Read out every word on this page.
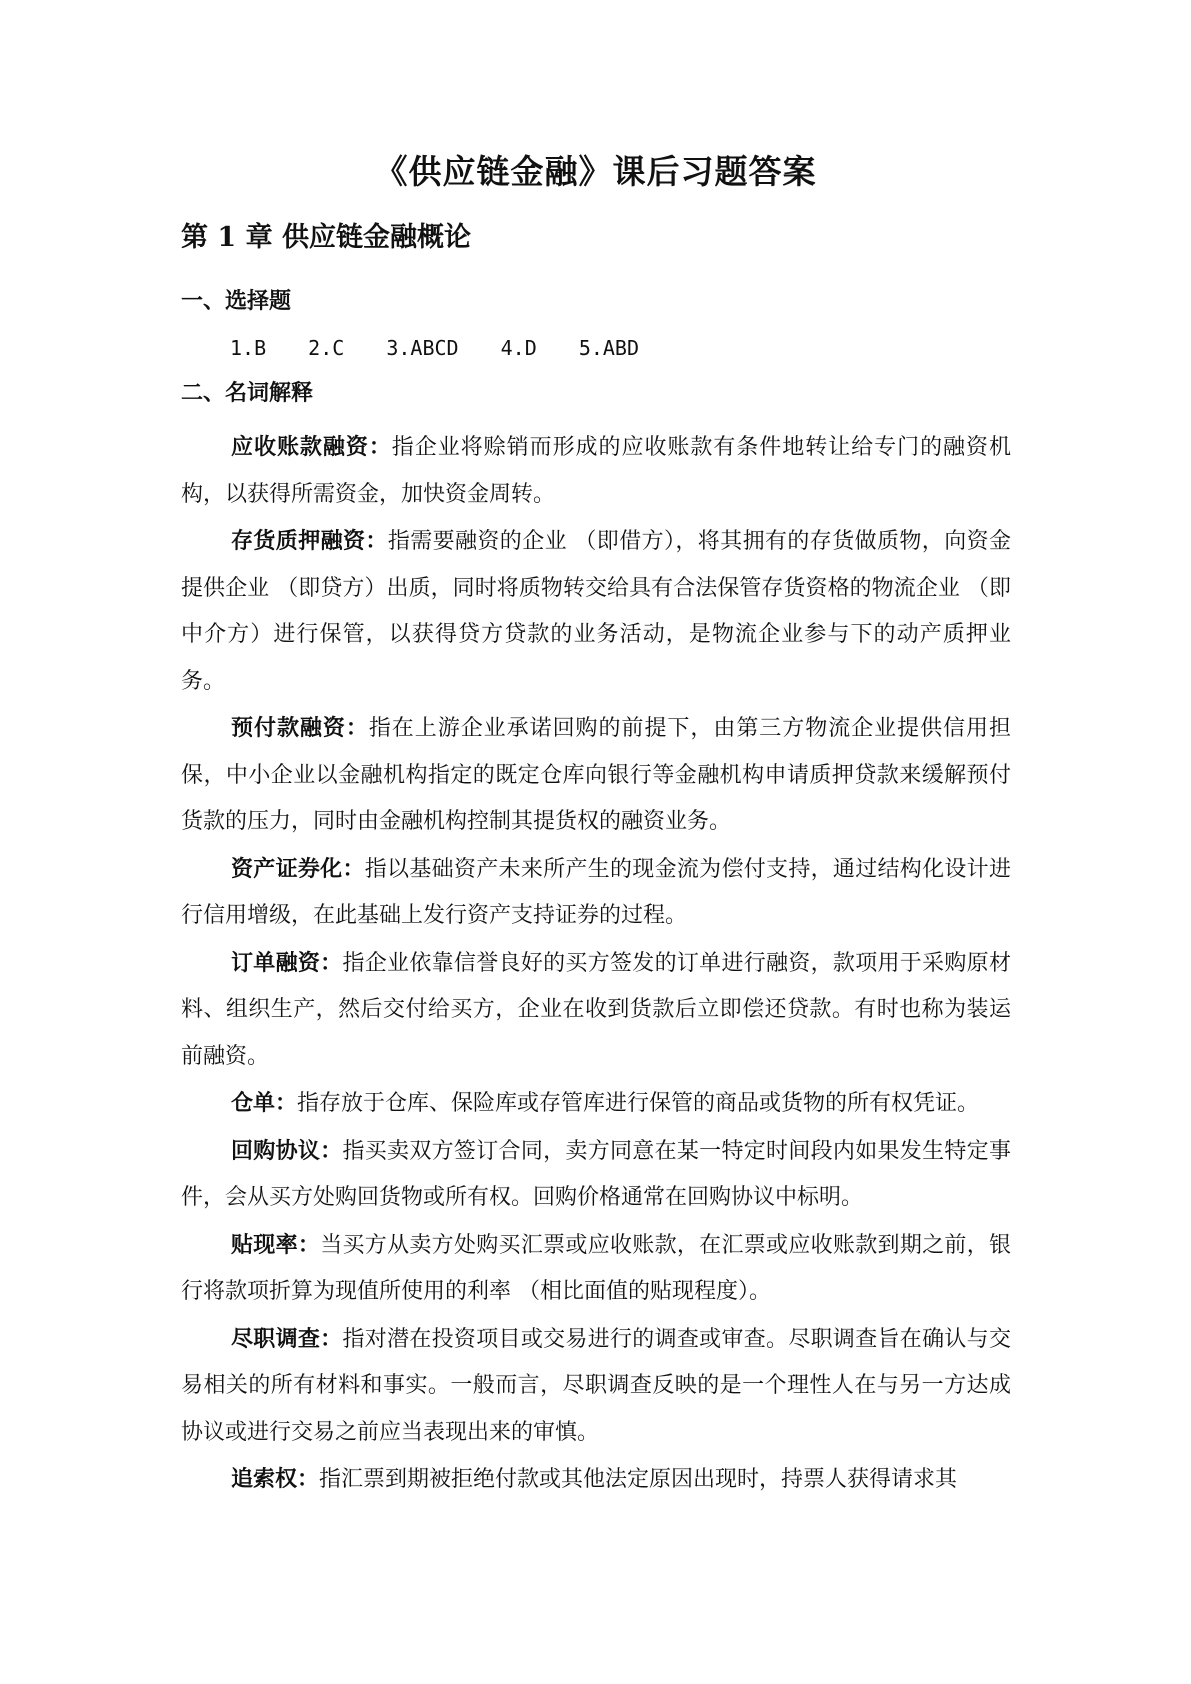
《供应链金融》课后习题答案
第 1 章 供应链金融概论
一、选择题
1.B 2.C 3.ABCD 4.D 5.ABD
二、名词解释

应收账款融资：指企业将赊销而形成的应收账款有条件地转让给专门的融资机构，以获得所需资金，加快资金周转。

存货质押融资：指需要融资的企业 （即借方），将其拥有的存货做质物，向资金提供企业 （即贷方）出质，同时将质物转交给具有合法保管存货资格的物流企业 （即中介方）进行保管，以获得贷方贷款的业务活动，是物流企业参与下的动产质押业务。

预付款融资：指在上游企业承诺回购的前提下，由第三方物流企业提供信用担保，中小企业以金融机构指定的既定仓库向银行等金融机构申请质押贷款来缓解预付货款的压力，同时由金融机构控制其提货权的融资业务。

资产证券化：指以基础资产未来所产生的现金流为偿付支持，通过结构化设计进行信用增级，在此基础上发行资产支持证券的过程。

订单融资：指企业依靠信誉良好的买方签发的订单进行融资，款项用于采购原材料、组织生产，然后交付给买方，企业在收到货款后立即偿还贷款。有时也称为装运前融资。

仓单：指存放于仓库、保险库或存管库进行保管的商品或货物的所有权凭证。

回购协议：指买卖双方签订合同，卖方同意在某一特定时间段内如果发生特定事件，会从买方处购回货物或所有权。回购价格通常在回购协议中标明。

贴现率：当买方从卖方处购买汇票或应收账款，在汇票或应收账款到期之前，银行将款项折算为现值所使用的利率 （相比面值的贴现程度）。

尽职调查：指对潜在投资项目或交易进行的调查或审查。尽职调查旨在确认与交易相关的所有材料和事实。一般而言，尽职调查反映的是一个理性人在与另一方达成协议或进行交易之前应当表现出来的审慎。

追索权：指汇票到期被拒绝付款或其他法定原因出现时，持票人获得请求其
